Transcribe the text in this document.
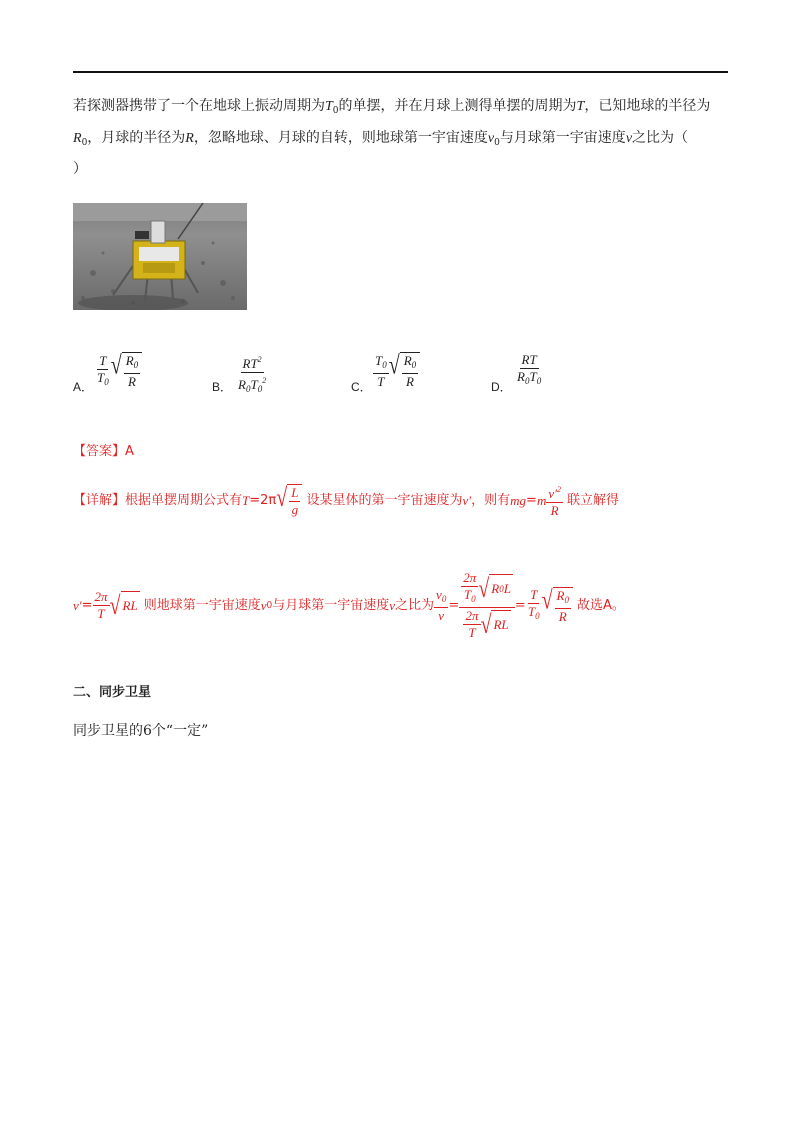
若探测器携带了一个在地球上振动周期为$T_0$的单摆，并在月球上测得单摆的周期为T，已知地球的半径为
$R_0$，月球的半径为R，忽略地球、月球的自转，则地球第一宇宙速度$v_0$与月球第一宇宙速度v之比为（
）
$\frac{T}{T_0}$ √ $\frac{R_0}{R}$
A．	$\frac{RT^2}{R_0T_0^2}$
B．	$\frac{T_0}{T}$ √ $\frac{R_0}{R}$
C．	$\frac{RT}{R_0T_0}$
D．
【答案】A
【详解】 根据单摆周期公式有 T =2π √ $\frac{L}{g}$ 设某星体的第一宇宙速度为 v′ ，则有 mg = m $\frac{v'^2}{R}$ 联立解得
$v' = \frac{2\pi}{T}$ √ RL 则地球第一宇宙速度 v 0 与月球第一宇宙速度 v 之比为 $\frac{v_0}{v} = \frac{\frac{2\pi}{T_0} √ R 0 L}{\frac{2\pi}{T} √ RL} = \frac{T}{T_0}$ √ $\frac{R_0}{R}$ 故选 A。
二、同步卫星
同步卫星的6个“一定”
